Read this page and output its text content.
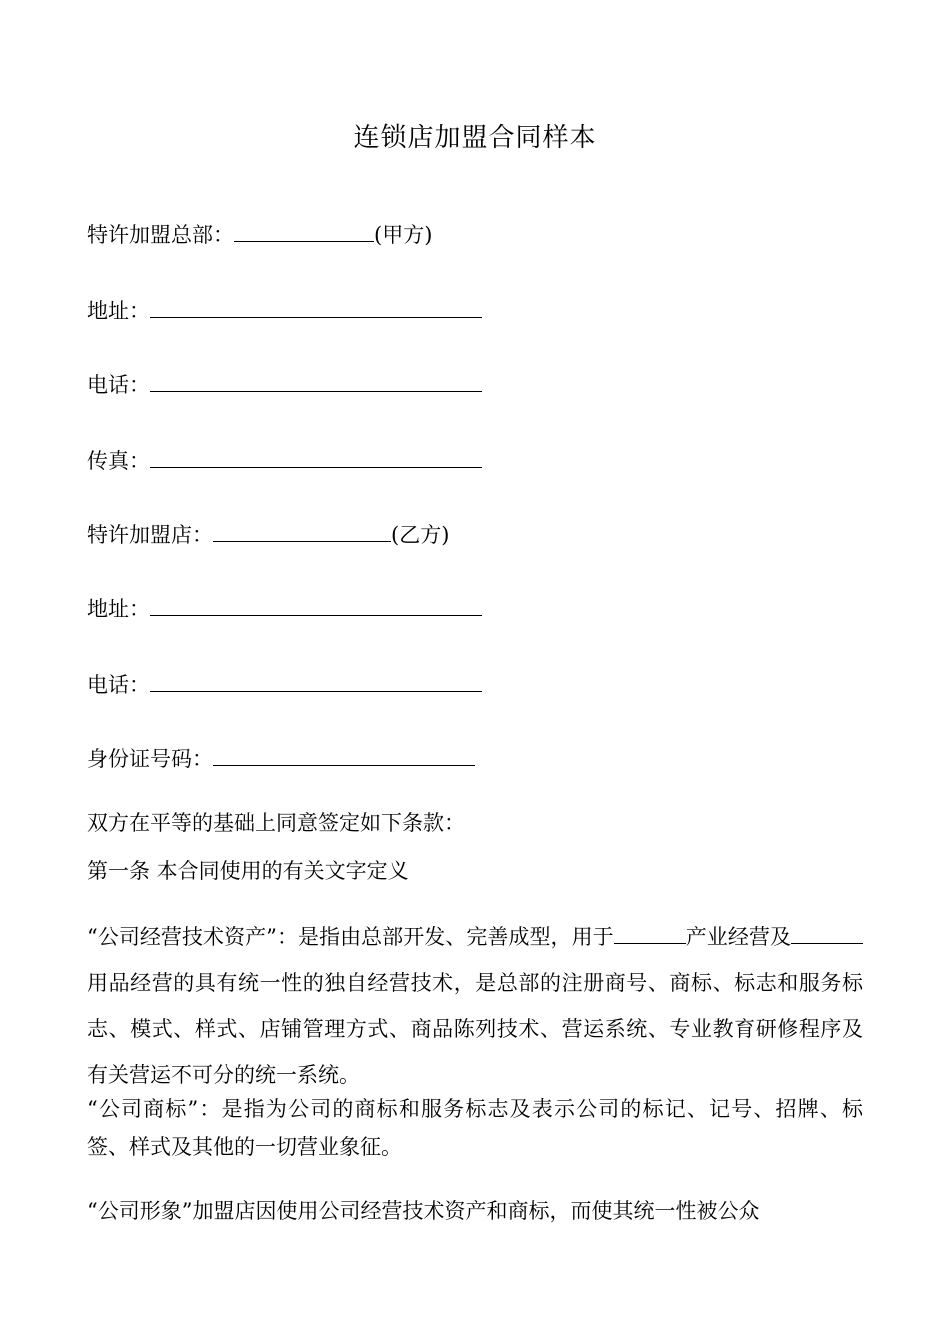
连锁店加盟合同样本
特许加盟总部：	(甲方)
地址：
电话：
传真：
特许加盟店：	(乙方)
地址：
电话：
身份证号码：
双方在平等的基础上同意签定如下条款：
第一条 本合同使用的有关文字定义
“公司经营技术资产”：是指由总部开发、完善成型，用于	产业经营及用品经营的具有统一性的独自经营技术，是总部的注册商号、商标、标志和服务标志、模式、样式、店铺管理方式、商品陈列技术、营运系统、专业教育研修程序及有关营运不可分的统一系统。
“公司商标”：是指为公司的商标和服务标志及表示公司的标记、记号、招牌、标签、样式及其他的一切营业象征。
“公司形象”加盟店因使用公司经营技术资产和商标，而使其统一性被公众
